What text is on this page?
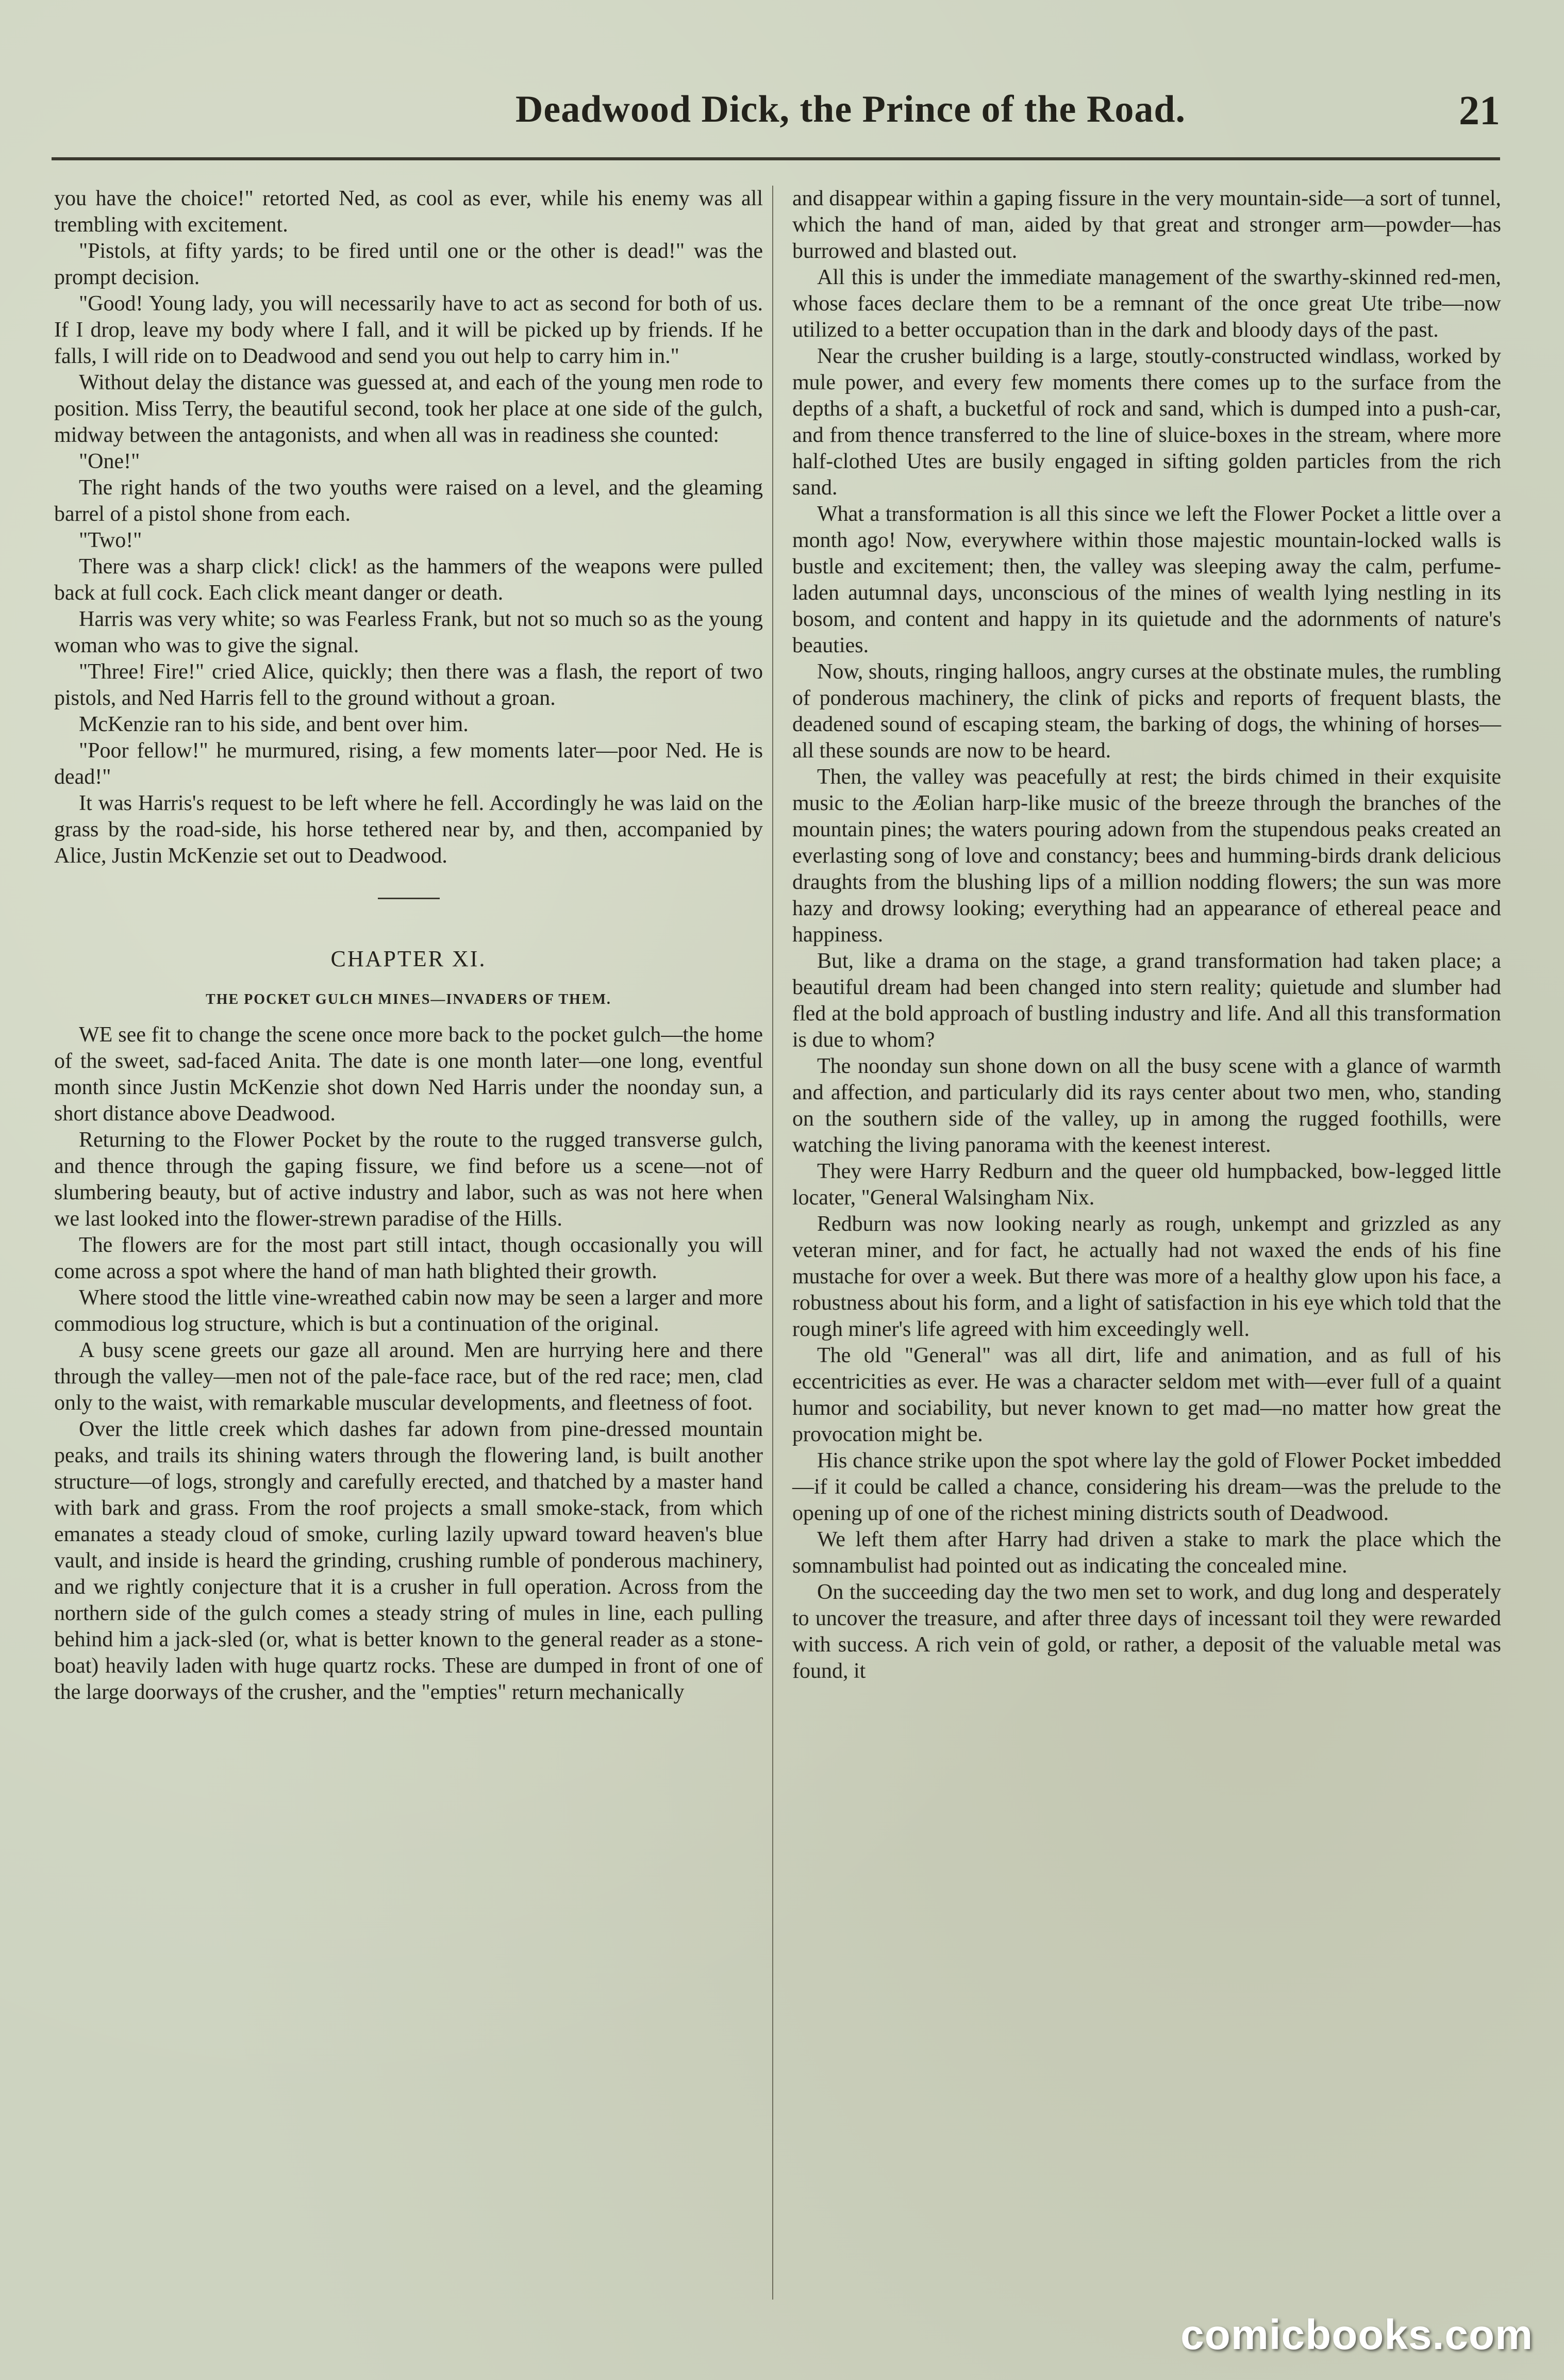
Deadwood Dick, the Prince of the Road.	21

you have the choice!" retorted Ned, as cool as ever, while his enemy was all trembling with excitement.

"Pistols, at fifty yards; to be fired until one or the other is dead!" was the prompt decision.

"Good! Young lady, you will necessarily have to act as second for both of us. If I drop, leave my body where I fall, and it will be picked up by friends. If he falls, I will ride on to Deadwood and send you out help to carry him in."

Without delay the distance was guessed at, and each of the young men rode to position. Miss Terry, the beautiful second, took her place at one side of the gulch, midway between the antagonists, and when all was in readiness she counted:

"One!"

The right hands of the two youths were raised on a level, and the gleaming barrel of a pistol shone from each.

"Two!"

There was a sharp click! click! as the hammers of the weapons were pulled back at full cock. Each click meant danger or death.

Harris was very white; so was Fearless Frank, but not so much so as the young woman who was to give the signal.

"Three! Fire!" cried Alice, quickly; then there was a flash, the report of two pistols, and Ned Harris fell to the ground without a groan.

McKenzie ran to his side, and bent over him.

"Poor fellow!" he murmured, rising, a few moments later—poor Ned. He is dead!"

It was Harris's request to be left where he fell. Accordingly he was laid on the grass by the road-side, his horse tethered near by, and then, accompanied by Alice, Justin McKenzie set out to Deadwood.

CHAPTER XI.
THE POCKET GULCH MINES—INVADERS OF THEM.

WE see fit to change the scene once more back to the pocket gulch—the home of the sweet, sad-faced Anita. The date is one month later—one long, eventful month since Justin McKenzie shot down Ned Harris under the noonday sun, a short distance above Deadwood.

Returning to the Flower Pocket by the route to the rugged transverse gulch, and thence through the gaping fissure, we find before us a scene—not of slumbering beauty, but of active industry and labor, such as was not here when we last looked into the flower-strewn paradise of the Hills.

The flowers are for the most part still intact, though occasionally you will come across a spot where the hand of man hath blighted their growth.

Where stood the little vine-wreathed cabin now may be seen a larger and more commodious log structure, which is but a continuation of the original.

A busy scene greets our gaze all around. Men are hurrying here and there through the valley—men not of the pale-face race, but of the red race; men, clad only to the waist, with remarkable muscular developments, and fleetness of foot.

Over the little creek which dashes far adown from pine-dressed mountain peaks, and trails its shining waters through the flowering land, is built another structure—of logs, strongly and carefully erected, and thatched by a master hand with bark and grass. From the roof projects a small smoke-stack, from which emanates a steady cloud of smoke, curling lazily upward toward heaven's blue vault, and inside is heard the grinding, crushing rumble of ponderous machinery, and we rightly conjecture that it is a crusher in full operation. Across from the northern side of the gulch comes a steady string of mules in line, each pulling behind him a jack-sled (or, what is better known to the general reader as a stone-boat) heavily laden with huge quartz rocks. These are dumped in front of one of the large doorways of the crusher, and the "empties" return mechanically

and disappear within a gaping fissure in the very mountain-side—a sort of tunnel, which the hand of man, aided by that great and stronger arm—powder—has burrowed and blasted out.

All this is under the immediate management of the swarthy-skinned red-men, whose faces declare them to be a remnant of the once great Ute tribe—now utilized to a better occupation than in the dark and bloody days of the past.

Near the crusher building is a large, stoutly-constructed windlass, worked by mule power, and every few moments there comes up to the surface from the depths of a shaft, a bucketful of rock and sand, which is dumped into a push-car, and from thence transferred to the line of sluice-boxes in the stream, where more half-clothed Utes are busily engaged in sifting golden particles from the rich sand.

What a transformation is all this since we left the Flower Pocket a little over a month ago! Now, everywhere within those majestic mountain-locked walls is bustle and excitement; then, the valley was sleeping away the calm, perfume-laden autumnal days, unconscious of the mines of wealth lying nestling in its bosom, and content and happy in its quietude and the adornments of nature's beauties.

Now, shouts, ringing halloos, angry curses at the obstinate mules, the rumbling of ponderous machinery, the clink of picks and reports of frequent blasts, the deadened sound of escaping steam, the barking of dogs, the whining of horses—all these sounds are now to be heard.

Then, the valley was peacefully at rest; the birds chimed in their exquisite music to the Æolian harp-like music of the breeze through the branches of the mountain pines; the waters pouring adown from the stupendous peaks created an everlasting song of love and constancy; bees and humming-birds drank delicious draughts from the blushing lips of a million nodding flowers; the sun was more hazy and drowsy looking; everything had an appearance of ethereal peace and happiness.

But, like a drama on the stage, a grand transformation had taken place; a beautiful dream had been changed into stern reality; quietude and slumber had fled at the bold approach of bustling industry and life. And all this transformation is due to whom?

The noonday sun shone down on all the busy scene with a glance of warmth and affection, and particularly did its rays center about two men, who, standing on the southern side of the valley, up in among the rugged foothills, were watching the living panorama with the keenest interest.

They were Harry Redburn and the queer old humpbacked, bow-legged little locater, "General Walsingham Nix.

Redburn was now looking nearly as rough, unkempt and grizzled as any veteran miner, and for fact, he actually had not waxed the ends of his fine mustache for over a week. But there was more of a healthy glow upon his face, a robustness about his form, and a light of satisfaction in his eye which told that the rough miner's life agreed with him exceedingly well.

The old "General" was all dirt, life and animation, and as full of his eccentricities as ever. He was a character seldom met with—ever full of a quaint humor and sociability, but never known to get mad—no matter how great the provocation might be.

His chance strike upon the spot where lay the gold of Flower Pocket imbedded—if it could be called a chance, considering his dream—was the prelude to the opening up of one of the richest mining districts south of Deadwood.

We left them after Harry had driven a stake to mark the place which the somnambulist had pointed out as indicating the concealed mine.

On the succeeding day the two men set to work, and dug long and desperately to uncover the treasure, and after three days of incessant toil they were rewarded with success. A rich vein of gold, or rather, a deposit of the valuable metal was found, it

comicbooks.com
